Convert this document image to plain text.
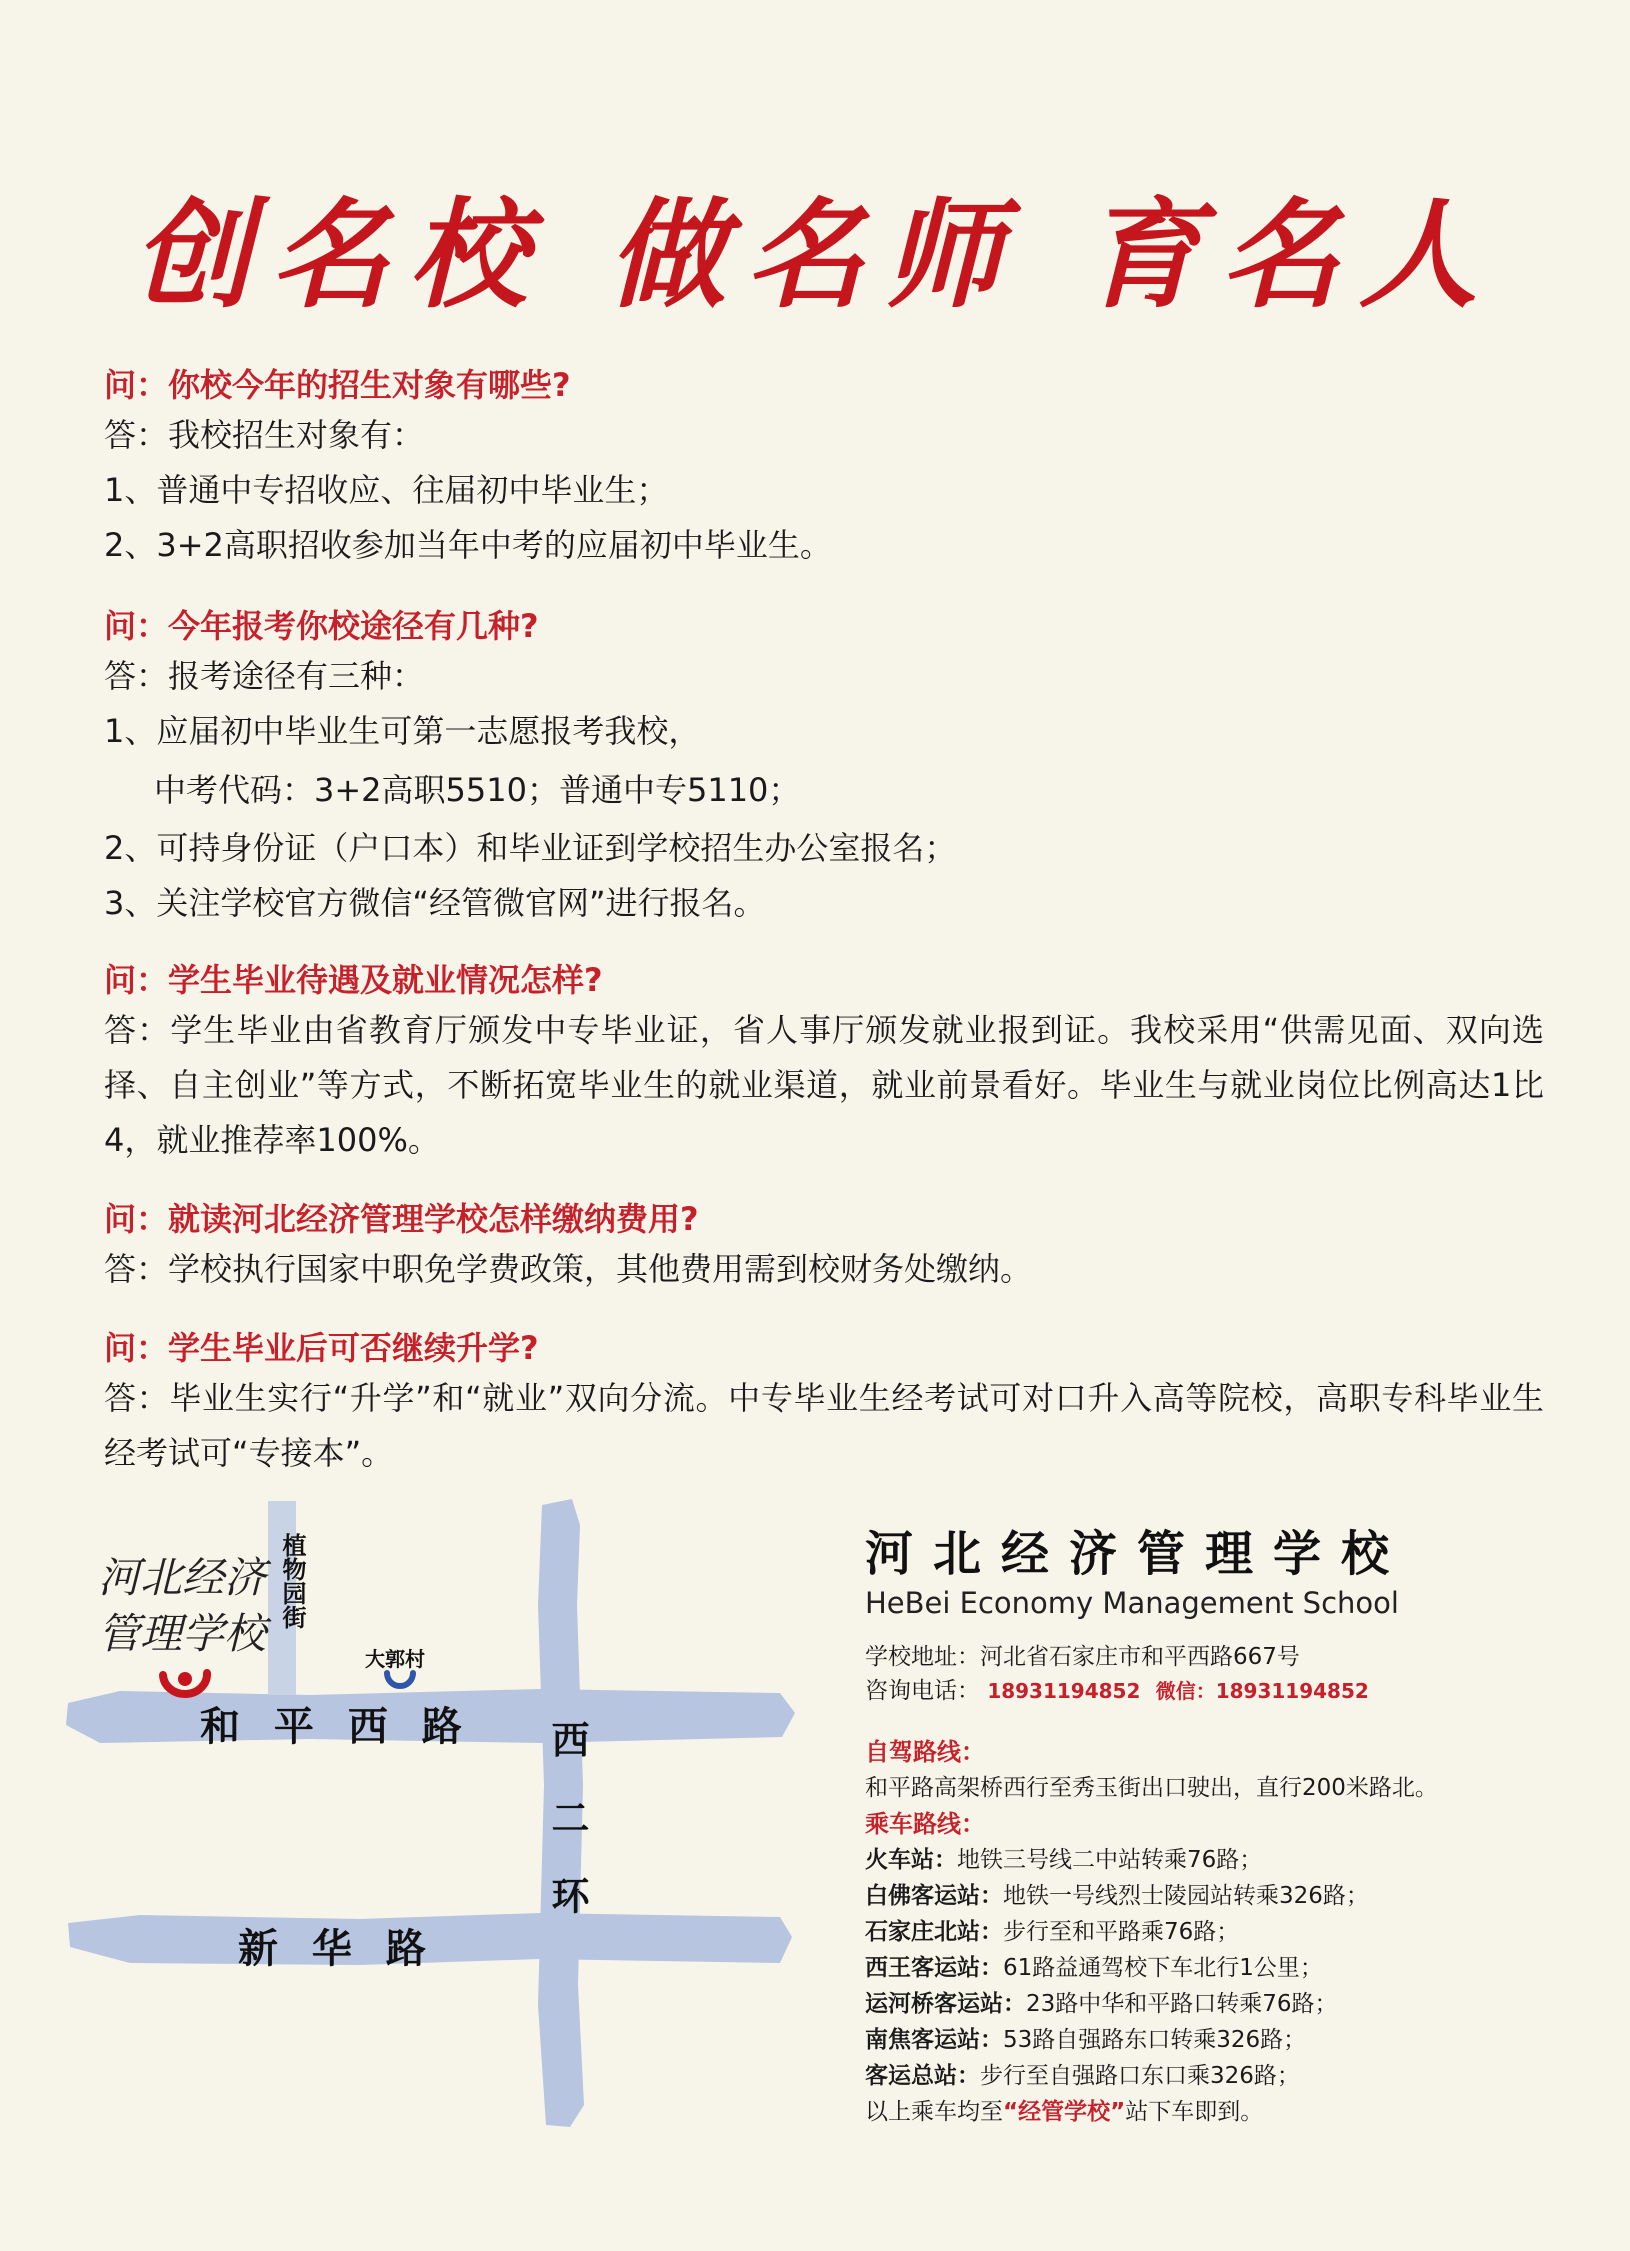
创名校 做名师 育名人
问：你校今年的招生对象有哪些?
答：我校招生对象有：
1、普通中专招收应、往届初中毕业生；
2、3+2高职招收参加当年中考的应届初中毕业生。
问：今年报考你校途径有几种?
答：报考途径有三种：
1、应届初中毕业生可第一志愿报考我校，
中考代码：3+2高职5510；普通中专5110；
2、可持身份证（户口本）和毕业证到学校招生办公室报名；
3、关注学校官方微信“经管微官网”进行报名。
问：学生毕业待遇及就业情况怎样?
答：学生毕业由省教育厅颁发中专毕业证，省人事厅颁发就业报到证。我校采用“供需见面、双向选择、自主创业”等方式，不断拓宽毕业生的就业渠道，就业前景看好。毕业生与就业岗位比例高达1比4，就业推荐率100%。
问：就读河北经济管理学校怎样缴纳费用?
答：学校执行国家中职免学费政策，其他费用需到校财务处缴纳。
问：学生毕业后可否继续升学?
答：毕业生实行“升学”和“就业”双向分流。中专毕业生经考试可对口升入高等院校，高职专科毕业生经考试可“专接本”。
河北经济
管理学校
植物园街
大郭村
和 平 西 路
新 华 路	西二环
河北经济管理学校
HeBei Economy Management School
学校地址：河北省石家庄市和平西路667号
咨询电话： 18931194852 微信：18931194852
自驾路线：
和平路高架桥西行至秀玉街出口驶出，直行200米路北。
乘车路线：
火车站：地铁三号线二中站转乘76路；
白佛客运站：地铁一号线烈士陵园站转乘326路；
石家庄北站：步行至和平路乘76路；
西王客运站：61路益通驾校下车北行1公里；
运河桥客运站：23路中华和平路口转乘76路；
南焦客运站：53路自强路东口转乘326路；
客运总站：步行至自强路口东口乘326路；
以上乘车均至“经管学校”站下车即到。
